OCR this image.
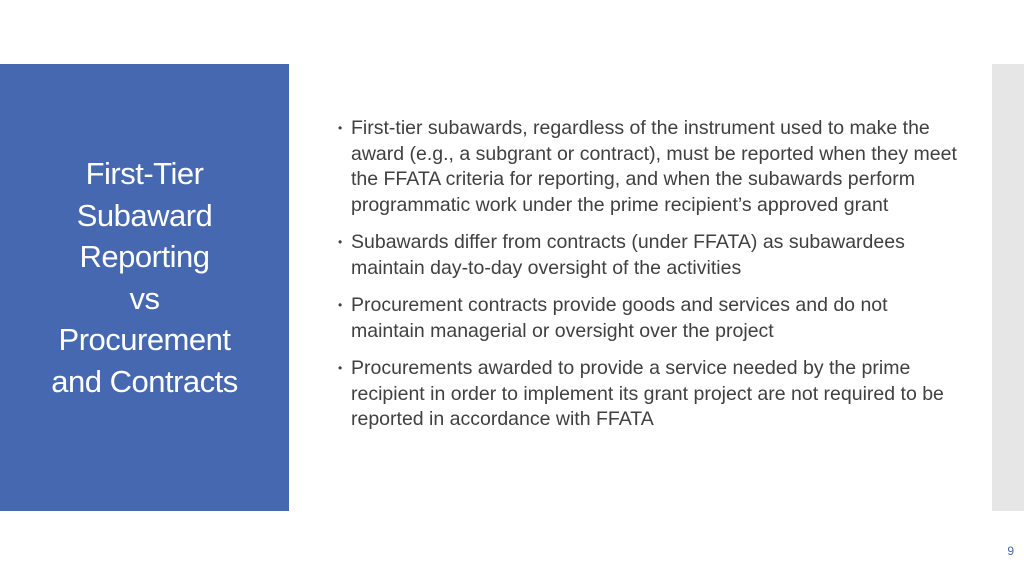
First-Tier
Subaward
Reporting
vs
Procurement
and Contracts
• First-tier subawards, regardless of the instrument used to make the award (e.g., a subgrant or contract), must be reported when they meet the FFATA criteria for reporting, and when the subawards perform programmatic work under the prime recipient’s approved grant
• Subawards differ from contracts (under FFATA) as subawardees maintain day-to-day oversight of the activities
• Procurement contracts provide goods and services and do not maintain managerial or oversight over the project
• Procurements awarded to provide a service needed by the prime recipient in order to implement its grant project are not required to be reported in accordance with FFATA
9
